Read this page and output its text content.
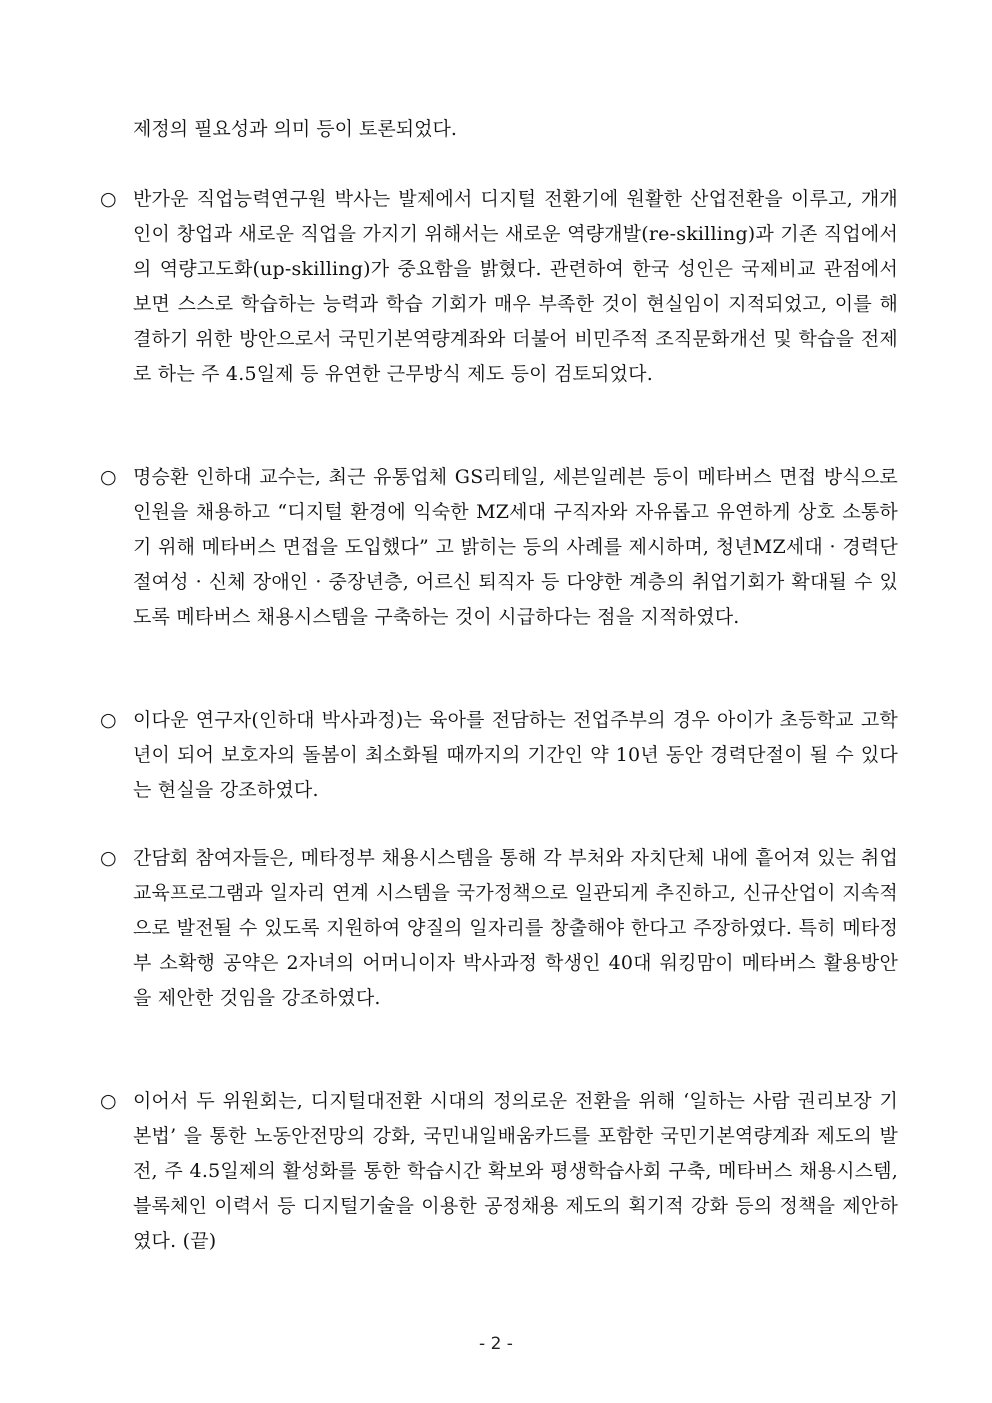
제정의 필요성과 의미 등이 토론되었다.

○ 반가운 직업능력연구원 박사는 발제에서 디지털 전환기에 원활한 산업전환을 이루고, 개개인이 창업과 새로운 직업을 가지기 위해서는 새로운 역량개발(re-skilling)과 기존 직업에서의 역량고도화(up-skilling)가 중요함을 밝혔다. 관련하여 한국 성인은 국제비교 관점에서 보면 스스로 학습하는 능력과 학습 기회가 매우 부족한 것이 현실임이 지적되었고, 이를 해결하기 위한 방안으로서 국민기본역량계좌와 더불어 비민주적 조직문화개선 및 학습을 전제로 하는 주 4.5일제 등 유연한 근무방식 제도 등이 검토되었다.

○ 명승환 인하대 교수는, 최근 유통업체 GS리테일, 세븐일레븐 등이 메타버스 면접 방식으로 인원을 채용하고 “디지털 환경에 익숙한 MZ세대 구직자와 자유롭고 유연하게 상호 소통하기 위해 메타버스 면접을 도입했다” 고 밝히는 등의 사례를 제시하며, 청년MZ세대 · 경력단절여성 · 신체 장애인 · 중장년층, 어르신 퇴직자 등 다양한 계층의 취업기회가 확대될 수 있도록 메타버스 채용시스템을 구축하는 것이 시급하다는 점을 지적하였다.

○ 이다운 연구자(인하대 박사과정)는 육아를 전담하는 전업주부의 경우 아이가 초등학교 고학년이 되어 보호자의 돌봄이 최소화될 때까지의 기간인 약 10년 동안 경력단절이 될 수 있다는 현실을 강조하였다.

○ 간담회 참여자들은, 메타정부 채용시스템을 통해 각 부처와 자치단체 내에 흩어져 있는 취업교육프로그램과 일자리 연계 시스템을 국가정책으로 일관되게 추진하고, 신규산업이 지속적으로 발전될 수 있도록 지원하여 양질의 일자리를 창출해야 한다고 주장하였다. 특히 메타정부 소확행 공약은 2자녀의 어머니이자 박사과정 학생인 40대 워킹맘이 메타버스 활용방안을 제안한 것임을 강조하였다.

○ 이어서 두 위원회는, 디지털대전환 시대의 정의로운 전환을 위해 ‘일하는 사람 권리보장 기본법’ 을 통한 노동안전망의 강화, 국민내일배움카드를 포함한 국민기본역량계좌 제도의 발전, 주 4.5일제의 활성화를 통한 학습시간 확보와 평생학습사회 구축, 메타버스 채용시스템, 블록체인 이력서 등 디지털기술을 이용한 공정채용 제도의 획기적 강화 등의 정책을 제안하였다. (끝)

- 2 -
